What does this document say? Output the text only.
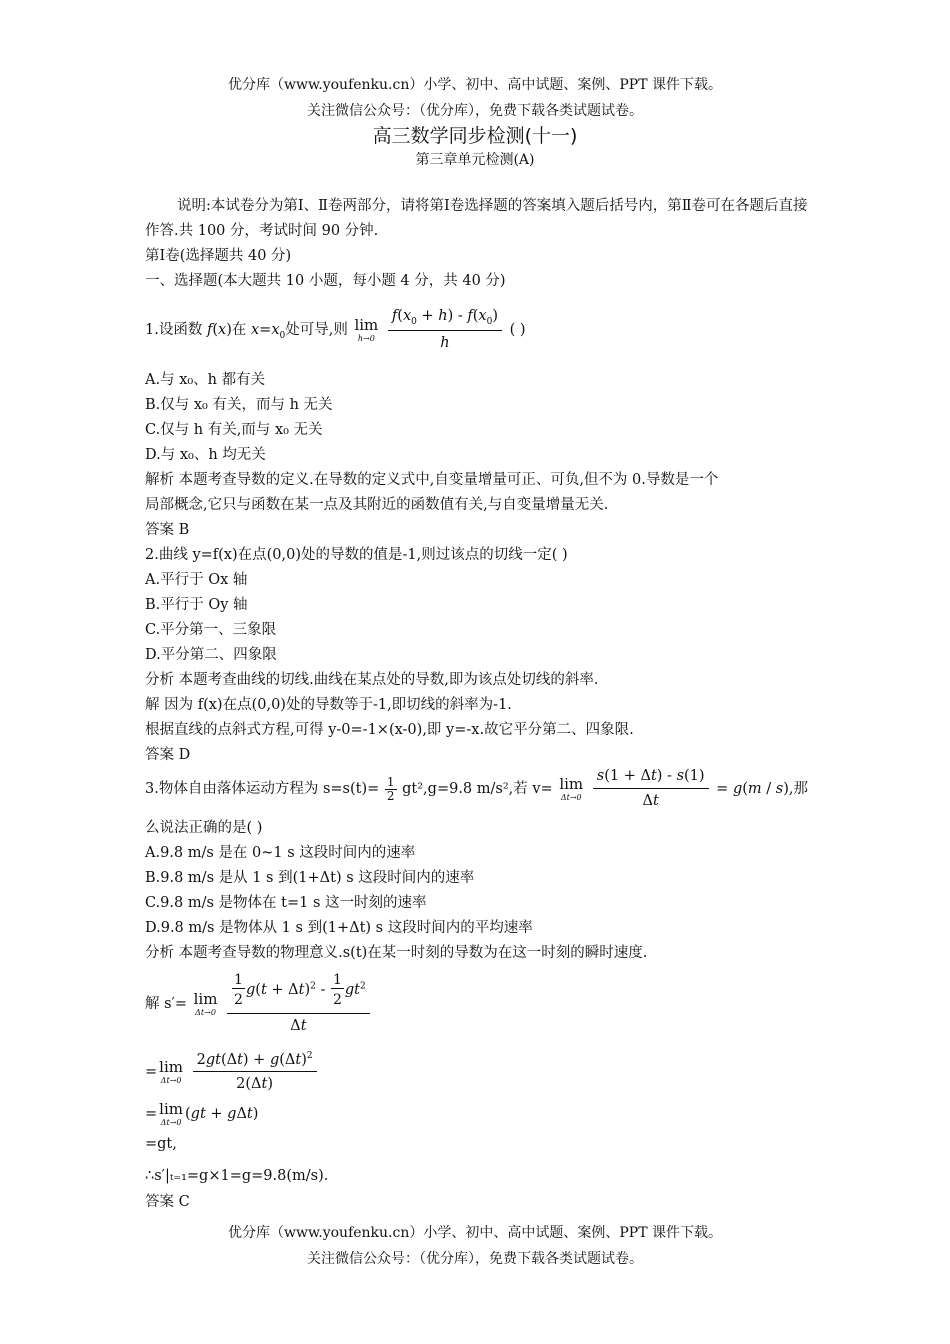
优分库（www.youfenku.cn）小学、初中、高中试题、案例、PPT 课件下载。
关注微信公众号：（优分库），免费下载各类试题试卷。
高三数学同步检测(十一)
第三章单元检测(A)
说明:本试卷分为第Ⅰ、Ⅱ卷两部分，请将第Ⅰ卷选择题的答案填入题后括号内，第Ⅱ卷可在各题后直接作答.共 100 分，考试时间 90 分钟.
第Ⅰ卷(选择题共 40 分)
一、选择题(本大题共 10 小题，每小题 4 分，共 40 分)
1.设函数 f(x)在 $x=x_0$处可导,则 lim
h→0
$\frac{f(x_0 + h) - f(x_0)}{h}$ ( )
A.与 x₀、h 都有关
B.仅与 x₀ 有关，而与 h 无关
C.仅与 h 有关,而与 x₀ 无关
D.与 x₀、h 均无关
解析 本题考查导数的定义.在导数的定义式中,自变量增量可正、可负,但不为 0.导数是一个
局部概念,它只与函数在某一点及其附近的函数值有关,与自变量增量无关.
答案 B
2.曲线 y=f(x)在点(0,0)处的导数的值是-1,则过该点的切线一定( )
A.平行于 Ox 轴
B.平行于 Oy 轴
C.平分第一、三象限
D.平分第二、四象限
分析 本题考查曲线的切线.曲线在某点处的导数,即为该点处切线的斜率.
解 因为 f(x)在点(0,0)处的导数等于-1,即切线的斜率为-1.
根据直线的点斜式方程,可得 y-0=-1×(x-0),即 y=-x.故它平分第二、四象限.
答案 D
3.物体自由落体运动方程为 $s=s(t)= \frac{1}{2} gt^2,g=9.8$ m/s²,若 v= lim
Δt→0
$\frac{s(1 + \Delta t) - s(1)}{\Delta t} = g(m / s)$,那
么说法正确的是( )
A.9.8 m/s 是在 0~1 s 这段时间内的速率
B.9.8 m/s 是从 1 s 到(1+Δt) s 这段时间内的速率
C.9.8 m/s 是物体在 t=1 s 这一时刻的速率
D.9.8 m/s 是物体从 1 s 到(1+Δt) s 这段时间内的平均速率
分析 本题考查导数的物理意义.s(t)在某一时刻的导数为在这一时刻的瞬时速度.
解 s′= lim
Δt→0
$\frac{\frac{1}{2} g(t + \Delta t)^2 - \frac{1}{2} gt^2}{\Delta t}$
= lim
Δt→0
$\frac{2gt(\Delta t) + g(\Delta t)^2}{2(\Delta t)}$
= lim
Δt→0 (gt + gΔt)
=gt,
∴s′|ₜ₌₁=g×1=g=9.8(m/s).
答案 C
优分库（www.youfenku.cn）小学、初中、高中试题、案例、PPT 课件下载。
关注微信公众号：（优分库），免费下载各类试题试卷。
